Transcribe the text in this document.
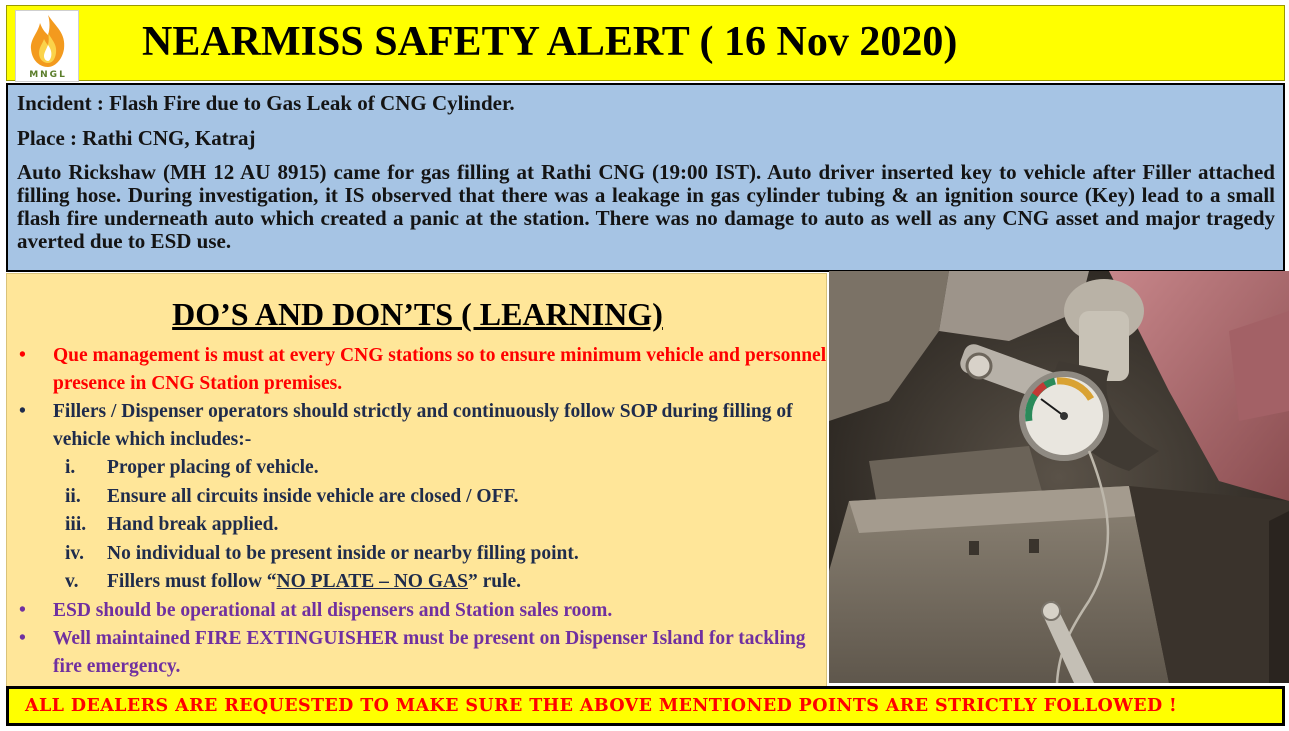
MNGL
NEARMISS SAFETY ALERT ( 16 Nov 2020)
Incident : Flash Fire due to Gas Leak of CNG Cylinder.
Place : Rathi CNG, Katraj
Auto Rickshaw (MH 12 AU 8915) came for gas filling at Rathi CNG (19:00 IST). Auto driver inserted key to vehicle after Filler attached filling hose. During investigation, it IS observed that there was a leakage in gas cylinder tubing & an ignition source (Key) lead to a small flash fire underneath auto which created a panic at the station. There was no damage to auto as well as any CNG asset and major tragedy averted due to ESD use.
DO’S AND DON’TS ( LEARNING)
• Que management is must at every CNG stations so to ensure minimum vehicle and personnel presence in CNG Station premises.
• Fillers / Dispenser operators should strictly and continuously follow SOP during filling of vehicle which includes:-
i. Proper placing of vehicle.
ii. Ensure all circuits inside vehicle are closed / OFF.
iii. Hand break applied.
iv. No individual to be present inside or nearby filling point.
v. Fillers must follow “NO PLATE – NO GAS” rule.
• ESD should be operational at all dispensers and Station sales room.
• Well maintained FIRE EXTINGUISHER must be present on Dispenser Island for tackling fire emergency.
ALL DEALERS ARE REQUESTED TO MAKE SURE THE ABOVE MENTIONED POINTS ARE STRICTLY FOLLOWED !
